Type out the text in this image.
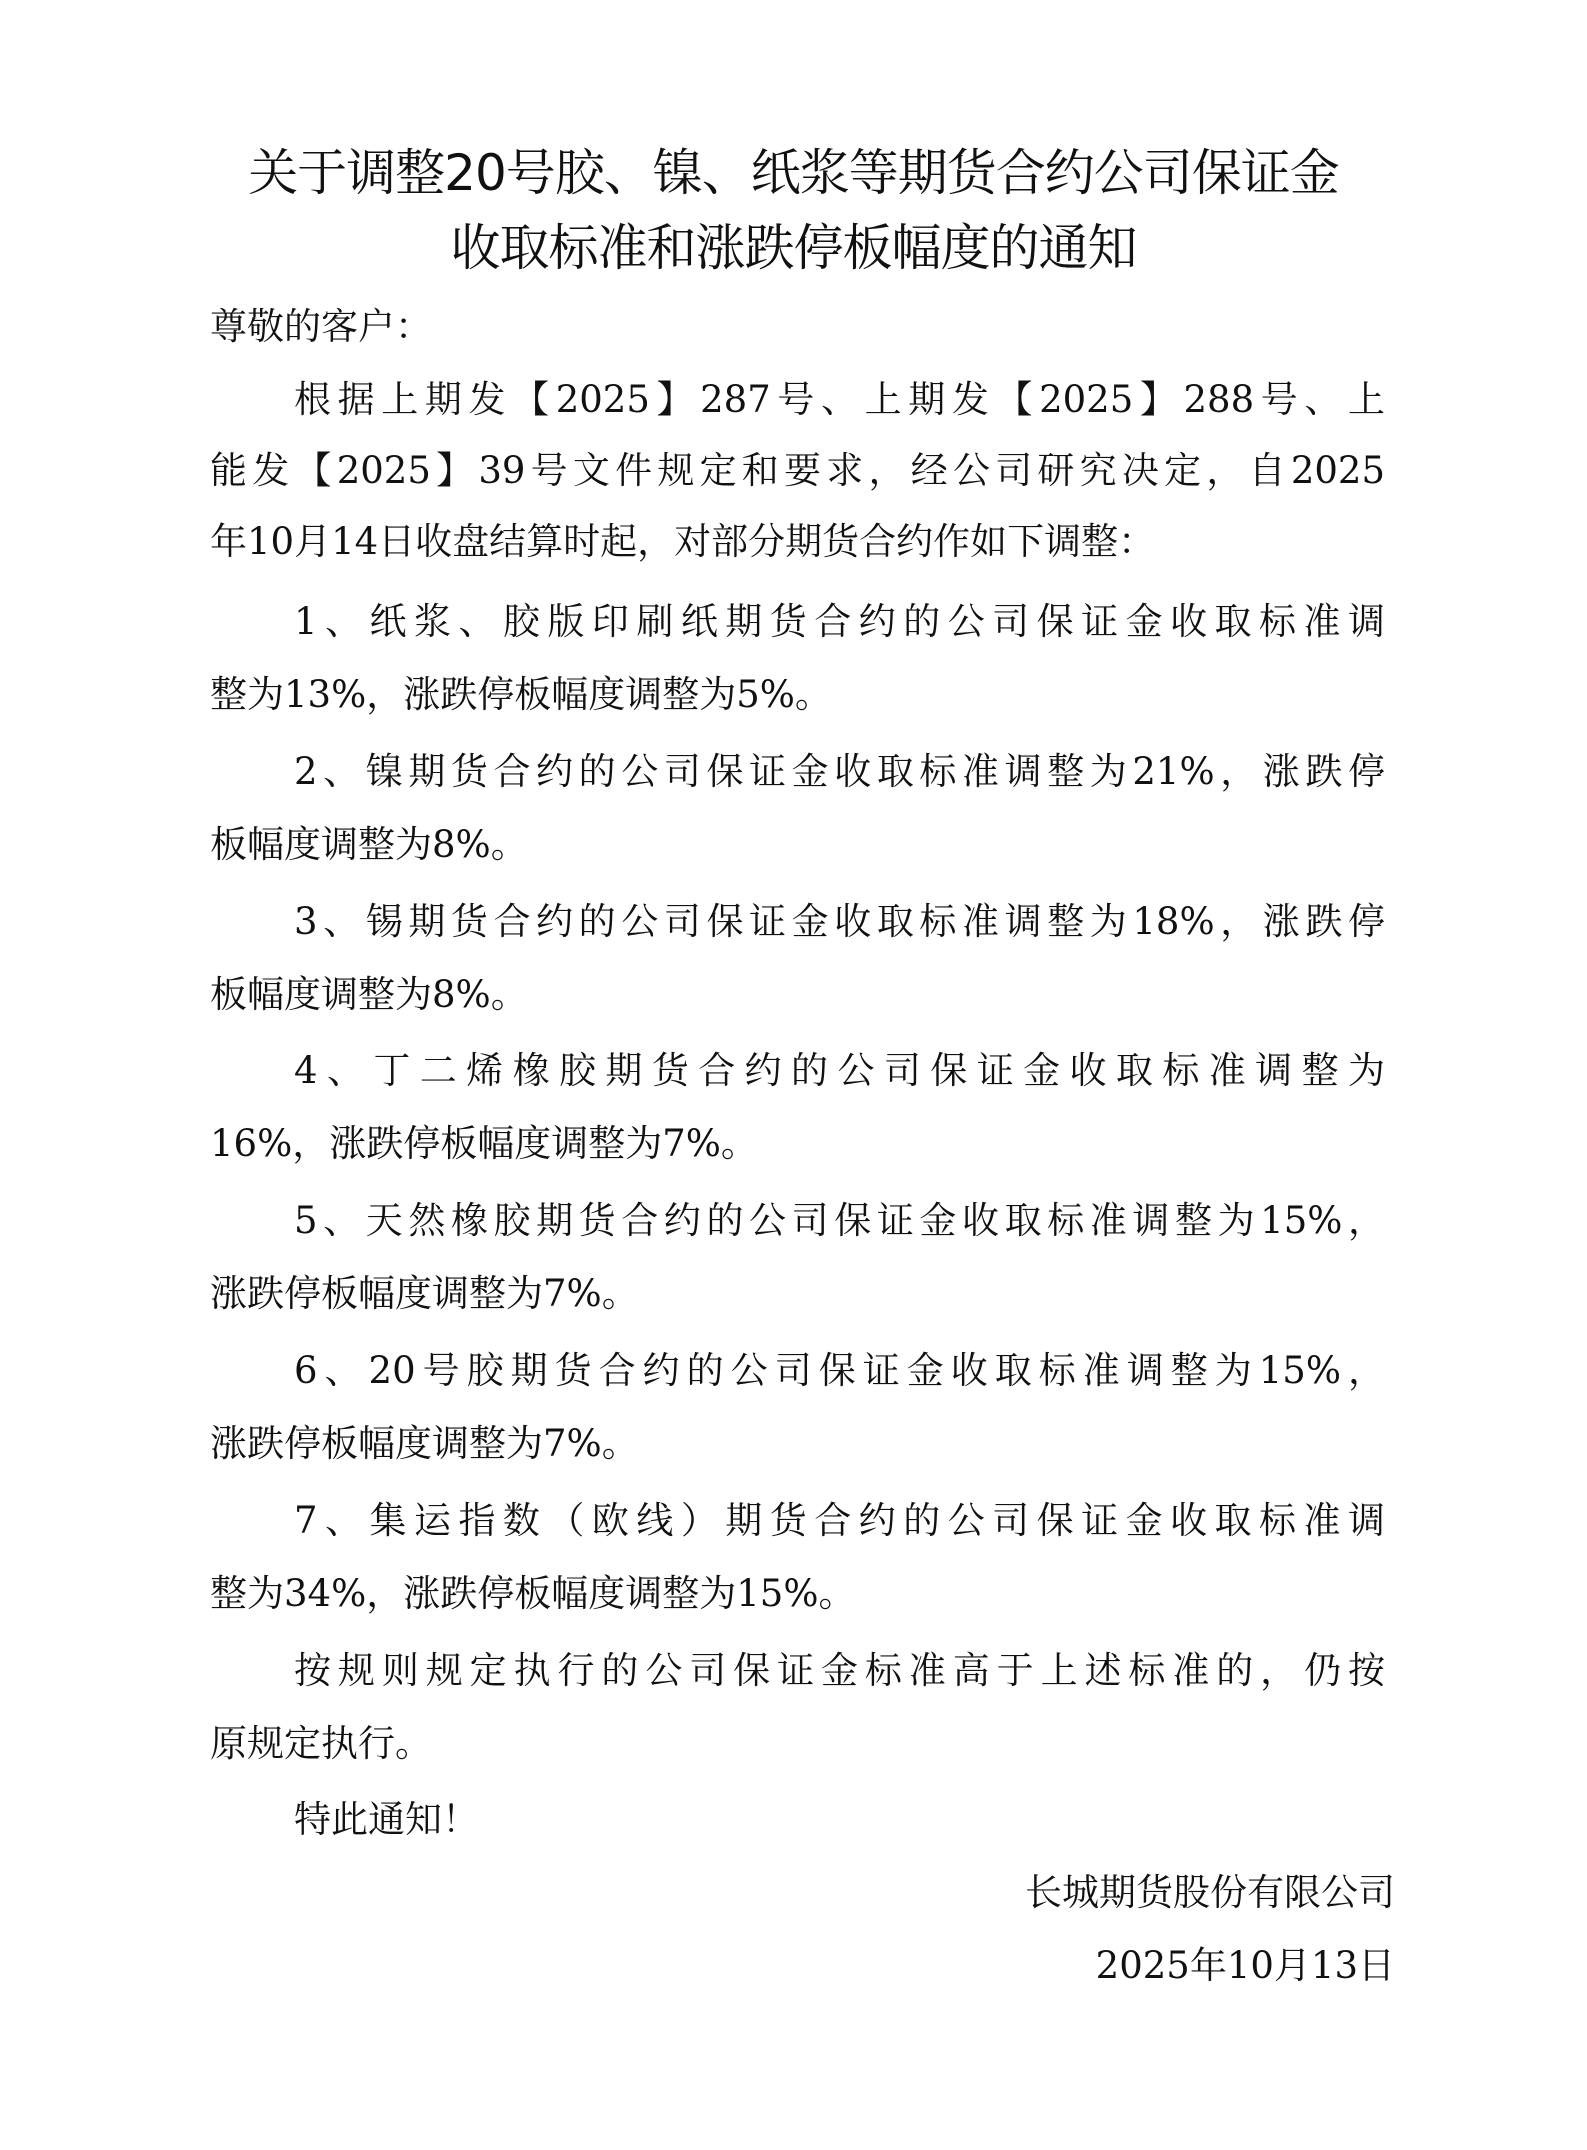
关于调整20号胶、镍、纸浆等期货合约公司保证金
收取标准和涨跌停板幅度的通知

尊敬的客户：

根据上期发【2025】287号、上期发【2025】288号、上

能发【2025】39号文件规定和要求，经公司研究决定，自2025

年10月14日收盘结算时起，对部分期货合约作如下调整：

1、纸浆、胶版印刷纸期货合约的公司保证金收取标准调

整为13%，涨跌停板幅度调整为5%。

2、镍期货合约的公司保证金收取标准调整为21%，涨跌停

板幅度调整为8%。

3、锡期货合约的公司保证金收取标准调整为18%，涨跌停

板幅度调整为8%。

4、丁二烯橡胶期货合约的公司保证金收取标准调整为

16%，涨跌停板幅度调整为7%。

5、天然橡胶期货合约的公司保证金收取标准调整为15%，

涨跌停板幅度调整为7%。

6、20号胶期货合约的公司保证金收取标准调整为15%，

涨跌停板幅度调整为7%。

7、集运指数（欧线）期货合约的公司保证金收取标准调

整为34%，涨跌停板幅度调整为15%。

按规则规定执行的公司保证金标准高于上述标准的，仍按

原规定执行。

特此通知！

长城期货股份有限公司

2025年10月13日
